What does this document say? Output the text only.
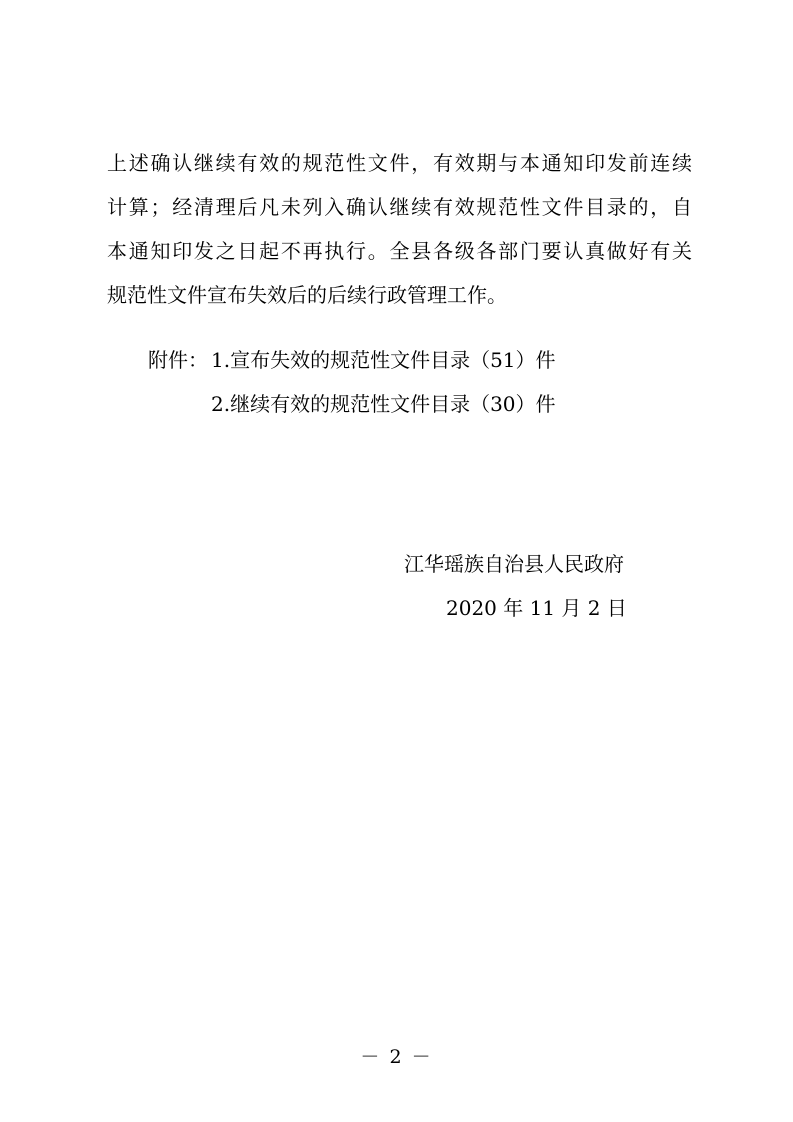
上述确认继续有效的规范性文件，有效期与本通知印发前连续
计算；经清理后凡未列入确认继续有效规范性文件目录的，自
本通知印发之日起不再执行。全县各级各部门要认真做好有关
规范性文件宣布失效后的后续行政管理工作。

附件： 1.宣布失效的规范性文件目录（51）件
2.继续有效的规范性文件目录（30）件
江华瑶族自治县人民政府
2020 年 11 月 2 日
－ 2 －
